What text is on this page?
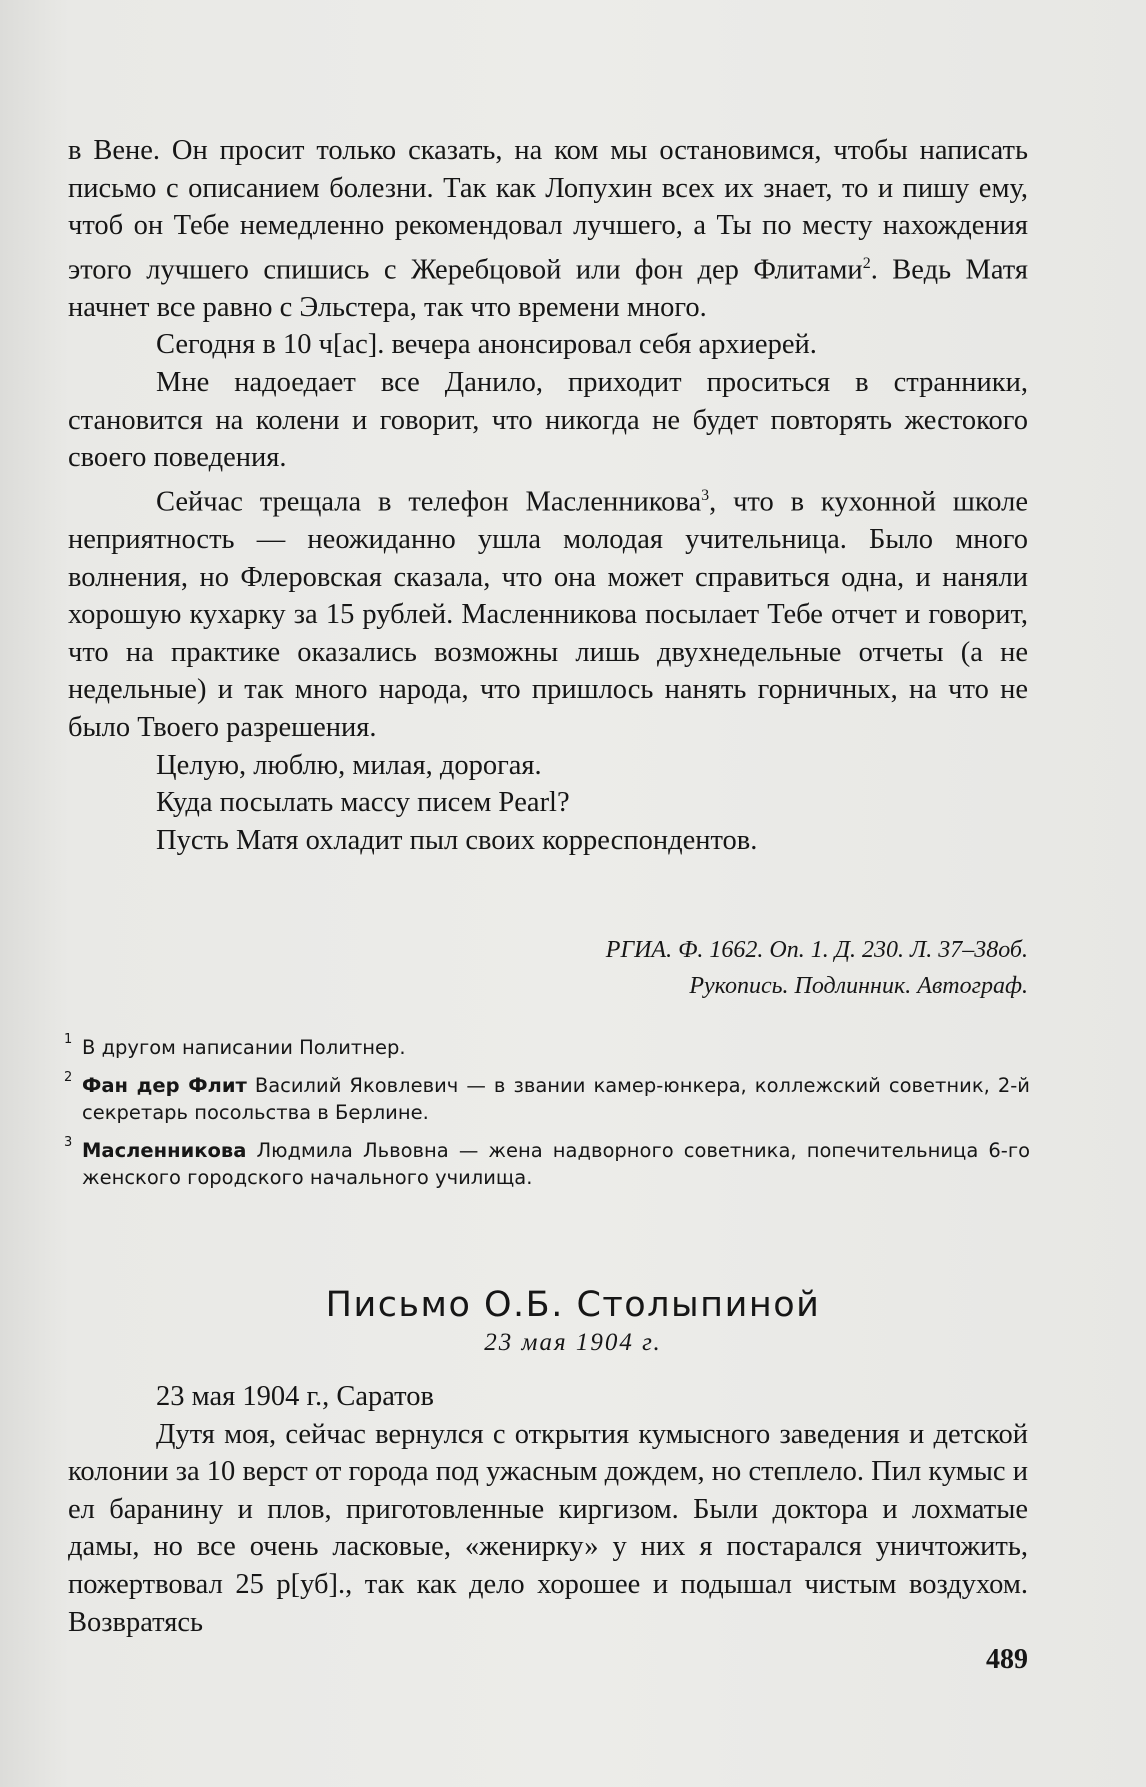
в Вене. Он просит только сказать, на ком мы остановимся, чтобы написать письмо с описанием болезни. Так как Лопухин всех их знает, то и пишу ему, чтоб он Тебе немедленно рекомендовал лучшего, а Ты по месту нахождения этого лучшего спишись с Жеребцовой или фон дер Флитами$^2$. Ведь Матя начнет все равно с Эльстера, так что времени много.

Сегодня в 10 ч[ас]. вечера анонсировал себя архиерей.

Мне надоедает все Данило, приходит проситься в странники, становится на колени и говорит, что никогда не будет повторять жестокого своего поведения.

Сейчас трещала в телефон Масленникова$^3$, что в кухонной школе неприятность — неожиданно ушла молодая учительница. Было много волнения, но Флеровская сказала, что она может справиться одна, и наняли хорошую кухарку за 15 рублей. Масленникова посылает Тебе отчет и говорит, что на практике оказались возможны лишь двухнедельные отчеты (а не недельные) и так много народа, что пришлось нанять горничных, на что не было Твоего разрешения.

Целую, люблю, милая, дорогая.

Куда посылать массу писем Pearl?

Пусть Матя охладит пыл своих корреспондентов.

РГИА. Ф. 1662. Оп. 1. Д. 230. Л. 37–38об.
Рукопись. Подлинник. Автограф.

1 В другом написании Политнер.

2 Фан дер Флит Василий Яковлевич — в звании камер-юнкера, коллежский советник, 2-й секретарь посольства в Берлине.

3 Масленникова Людмила Львовна — жена надворного советника, попечительница 6-го женского городского начального училища.

Письмо О.Б. Столыпиной
23 мая 1904 г.

23 мая 1904 г., Саратов

Дутя моя, сейчас вернулся с открытия кумысного заведения и детской колонии за 10 верст от города под ужасным дождем, но степлело. Пил кумыс и ел баранину и плов, приготовленные киргизом. Были доктора и лохматые дамы, но все очень ласковые, «женирку» у них я постарался уничтожить, пожертвовал 25 р[уб]., так как дело хорошее и подышал чистым воздухом. Возвратясь

489
